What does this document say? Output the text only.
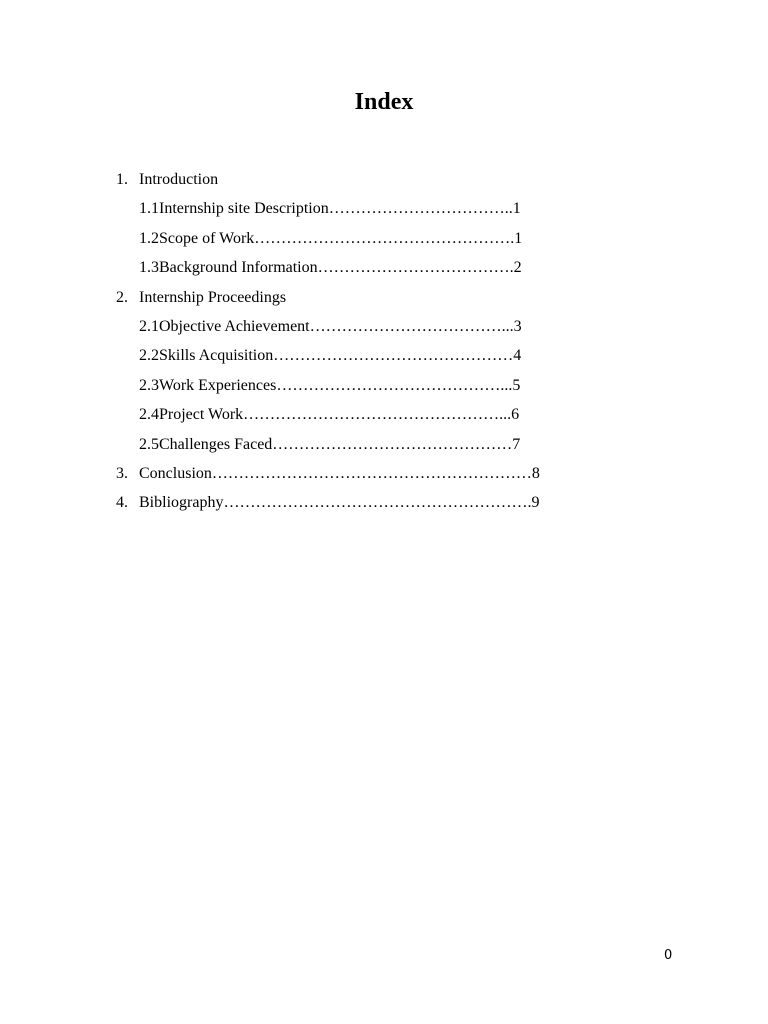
Index
1. Introduction
1.1Internship site Description……………………………..1
1.2Scope of Work………………………………………….1
1.3Background Information……………………………….2
2. Internship Proceedings
2.1Objective Achievement………………………………...3
2.2Skills Acquisition………………………………………4
2.3Work Experiences……………………………………...5
2.4Project Work…………………………………………...6
2.5Challenges Faced………………………………………7
3. Conclusion……………………………………………………8
4. Bibliography………………………………………………….9
0
